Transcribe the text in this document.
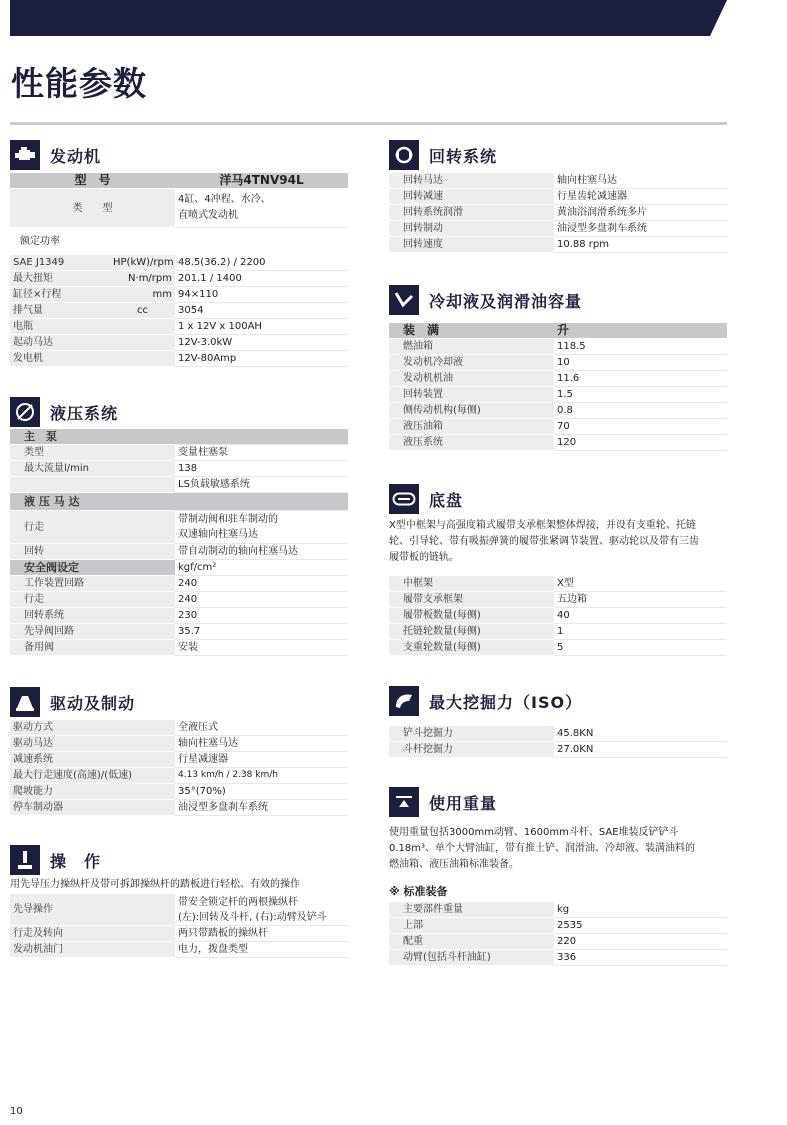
性能参数
发动机
型　号		洋马4TNV94L
类　　型		4缸、4冲程、水冷、
直喷式发动机

额定功率		
SAE J1349	HP(kW)/rpm	48.5(36.2) / 2200
最大扭矩	N·m/rpm	201.1 / 1400
缸径×行程	mm	94×110
排气量	cc	3054
电瓶		1 x 12V x 100AH
起动马达		12V-3.0kW
发电机		12V-80Amp
液压系统
主　泵	
类型	变量柱塞泵
最大流量l/min	138
	LS负载敏感系统
液 压 马 达	
行走	带制动阀和驻车制动的
双速轴向柱塞马达

回转	带自动制动的轴向柱塞马达
安全阀设定	kgf/cm²
工作装置回路	240
行走	240
回转系统	230
先导阀回路	35.7
备用阀	安装
驱动及制动
驱动方式	全液压式
驱动马达	轴向柱塞马达
减速系统	行星减速器
最大行走速度(高速)/(低速)	4.13 km/h / 2.38 km/h
爬坡能力	35°(70%)
停车制动器	油浸型多盘刹车系统
操　作
用先导压力操纵杆及带可拆卸操纵杆的踏板进行轻松、有效的操作
先导操作	带安全锁定杆的两根操纵杆
(左):回转及斗杆, (右):动臂及铲斗

行走及转向	两只带踏板的操纵杆
发动机油门	电力，拨盘类型
回转系统
回转马达	轴向柱塞马达
回转减速	行星齿轮减速器
回转系统润滑	黄油浴润滑系统多片
回转制动	油浸型多盘刹车系统
回转速度	10.88 rpm
冷却液及润滑油容量
装　满	升
燃油箱	118.5
发动机冷却液	10
发动机机油	11.6
回转装置	1.5
侧传动机构(每侧)	0.8
液压油箱	70
液压系统	120
底盘
X型中框架与高强度箱式履带支承框架整体焊接，并设有支重轮、托链
轮、引导轮、带有吸振弹簧的履带张紧调节装置、驱动轮以及带有三齿
履带板的链轨。
中框架	X型
履带支承框架	五边箱
履带板数量(每侧)	40
托链轮数量(每侧)	1
支重轮数量(每侧)	5
最大挖掘力（ISO）
铲斗挖掘力	45.8KN
斗杆挖掘力	27.0KN
使用重量
使用重量包括3000mm动臂、1600mm斗杆、SAE堆装反铲铲斗
0.18m³、单个大臂油缸，带有推土铲、润滑油、冷却液、装满油料的
燃油箱、液压油箱标准装备。
※ 标准装备
主要部件重量	kg
上部	2535
配重	220
动臂(包括斗杆油缸)	336
10
